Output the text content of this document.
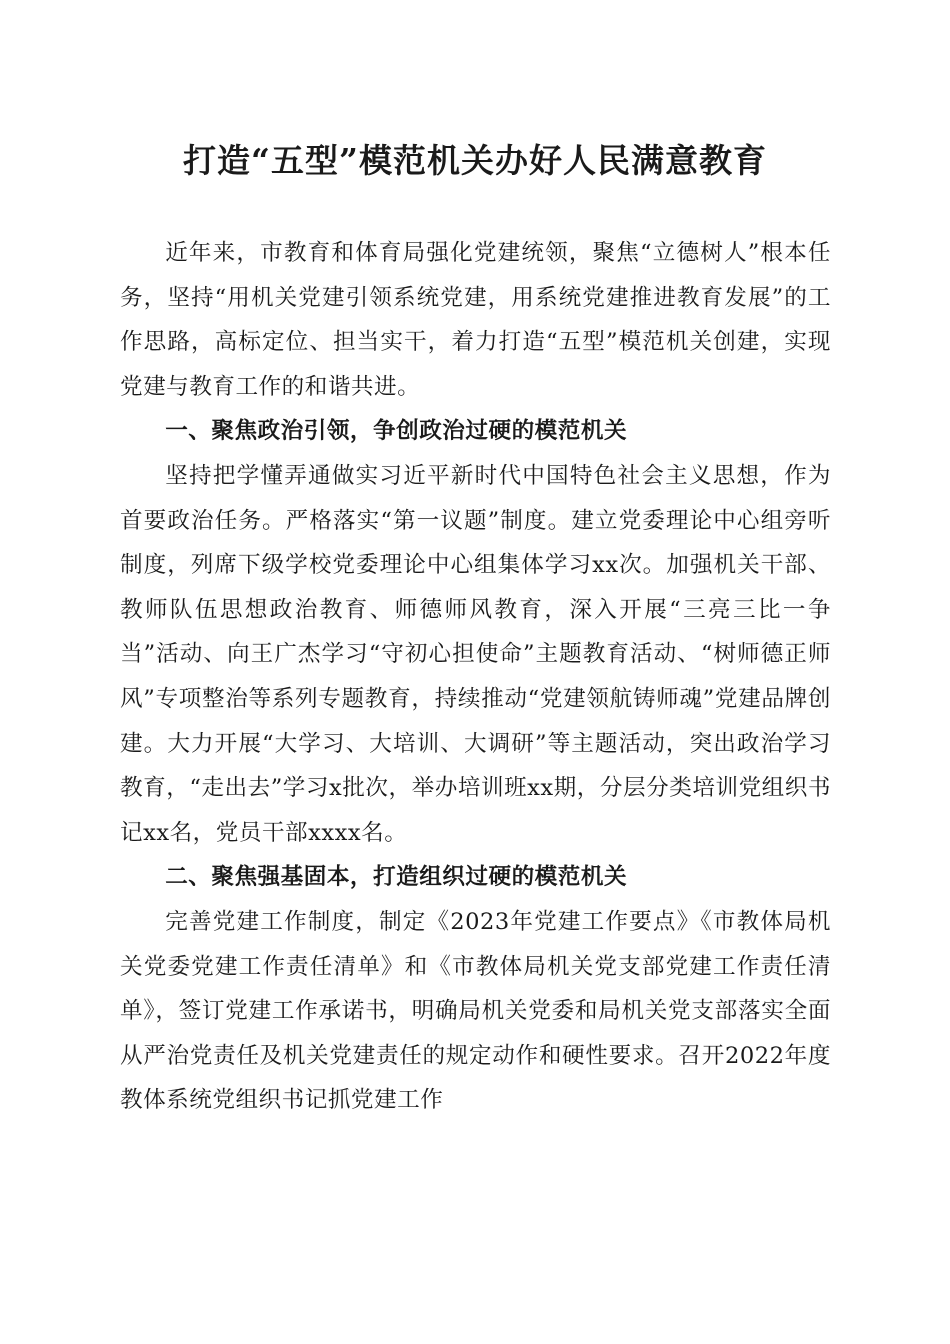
打造“五型”模范机关办好人民满意教育

近年来，市教育和体育局强化党建统领，聚焦“立德树人”根本任务，坚持“用机关党建引领系统党建，用系统党建推进教育发展”的工作思路，高标定位、担当实干，着力打造“五型”模范机关创建，实现党建与教育工作的和谐共进。

一、聚焦政治引领，争创政治过硬的模范机关

坚持把学懂弄通做实习近平新时代中国特色社会主义思想，作为首要政治任务。严格落实“第一议题”制度。建立党委理论中心组旁听制度，列席下级学校党委理论中心组集体学习xx次。加强机关干部、教师队伍思想政治教育、师德师风教育，深入开展“三亮三比一争当”活动、向王广杰学习“守初心担使命”主题教育活动、“树师德正师风”专项整治等系列专题教育，持续推动“党建领航铸师魂”党建品牌创建。大力开展“大学习、大培训、大调研”等主题活动，突出政治学习教育，“走出去”学习x批次，举办培训班xx期，分层分类培训党组织书记xx名，党员干部xxxx名。

二、聚焦强基固本，打造组织过硬的模范机关

完善党建工作制度，制定《2023年党建工作要点》《市教体局机关党委党建工作责任清单》和《市教体局机关党支部党建工作责任清单》，签订党建工作承诺书，明确局机关党委和局机关党支部落实全面从严治党责任及机关党建责任的规定动作和硬性要求。召开2022年度教体系统党组织书记抓党建工作
